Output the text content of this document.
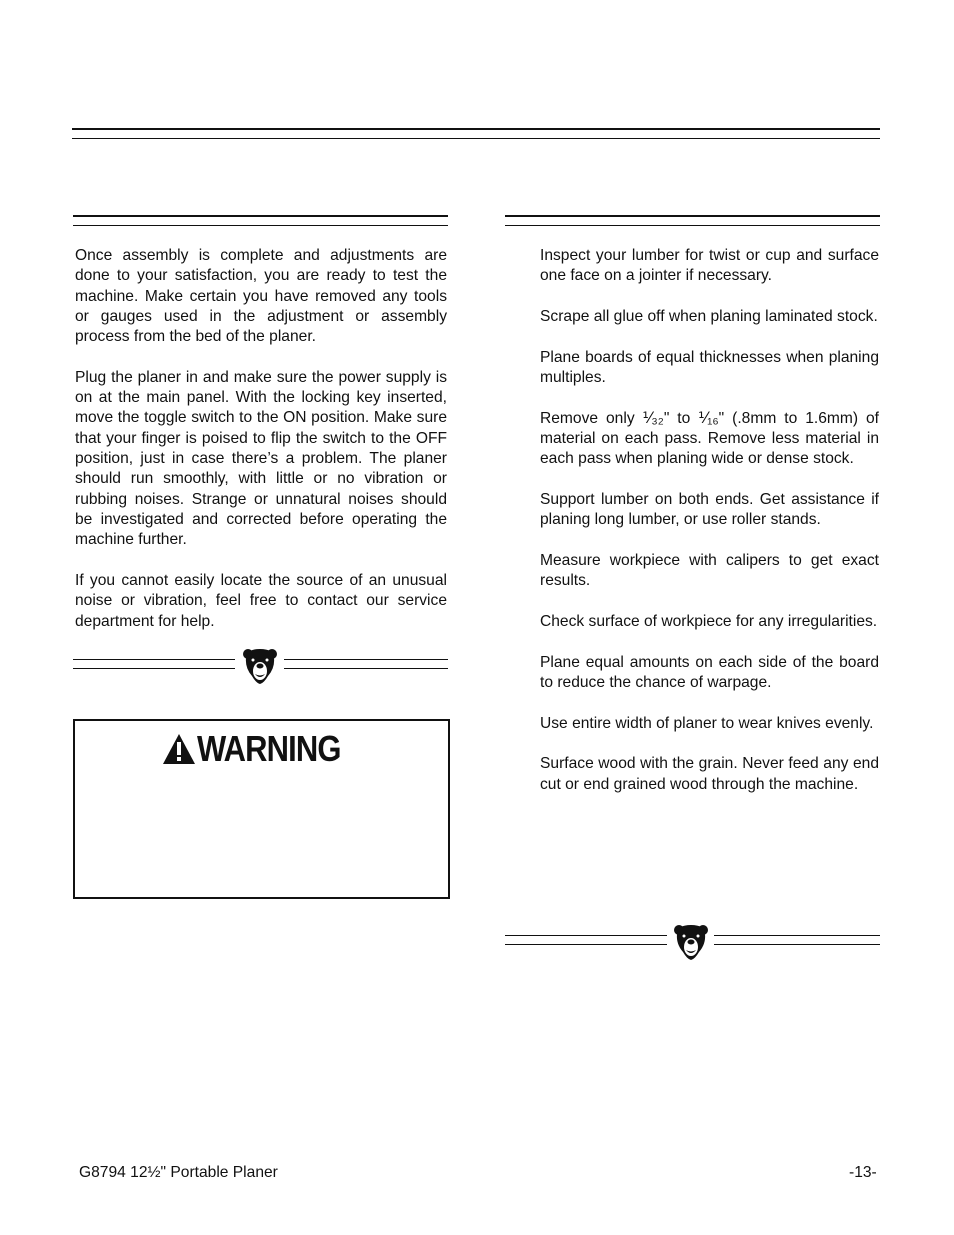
Once assembly is complete and adjustments are done to your satisfaction, you are ready to test the machine. Make certain you have removed any tools or gauges used in the adjustment or assembly process from the bed of the planer.

Plug the planer in and make sure the power supply is on at the main panel. With the locking key inserted, move the toggle switch to the ON position. Make sure that your finger is poised to flip the switch to the OFF position, just in case there’s a problem. The planer should run smoothly, with little or no vibration or rubbing noises. Strange or unnatural noises should be investigated and corrected before operating the machine further.

If you cannot easily locate the source of an unusual noise or vibration, feel free to contact our service department for help.

WARNING

Inspect your lumber for twist or cup and surface one face on a jointer if necessary.

Scrape all glue off when planing laminated stock.

Plane boards of equal thicknesses when planing multiples.

Remove only ⅟₃₂" to ⅟₁₆" (.8mm to 1.6mm) of material on each pass. Remove less material in each pass when planing wide or dense stock.

Support lumber on both ends. Get assistance if planing long lumber, or use roller stands.

Measure workpiece with calipers to get exact results.

Check surface of workpiece for any irregularities.

Plane equal amounts on each side of the board to reduce the chance of warpage.

Use entire width of planer to wear knives evenly.

Surface wood with the grain. Never feed any end cut or end grained wood through the machine.

G8794 12½" Portable Planer	-13-
